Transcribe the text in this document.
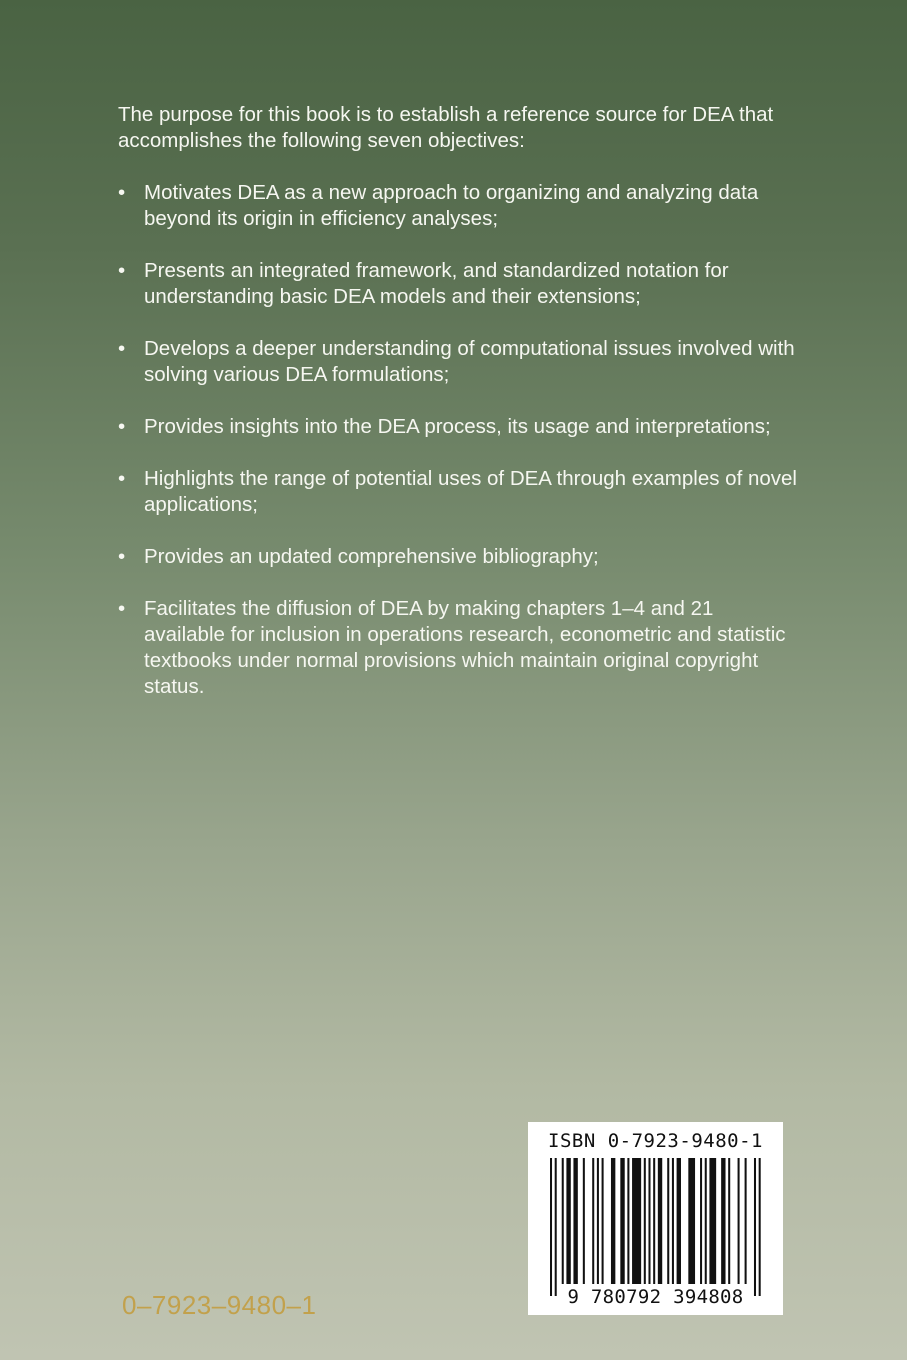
The purpose for this book is to establish a reference source for DEA that accomplishes the following seven objectives:

• Motivates DEA as a new approach to organizing and analyzing data beyond its origin in efficiency analyses;
• Presents an integrated framework, and standardized notation for understanding basic DEA models and their extensions;
• Develops a deeper understanding of computational issues involved with solving various DEA formulations;
• Provides insights into the DEA process, its usage and interpretations;
• Highlights the range of potential uses of DEA through examples of novel applications;
• Provides an updated comprehensive bibliography;
• Facilitates the diffusion of DEA by making chapters 1–4 and 21 available for inclusion in operations research, econometric and statistic textbooks under normal provisions which maintain original copyright status.
0–7923–9480–1
ISBN 0-7923-9480-1
9 780792 394808
